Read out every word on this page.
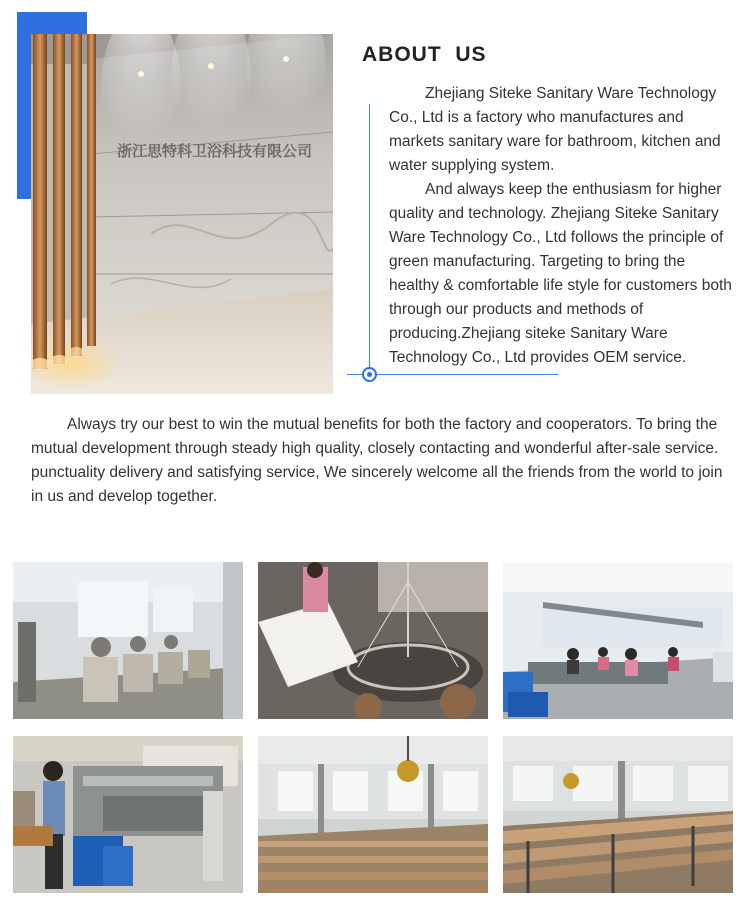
浙江思特科卫浴科技有限公司
ABOUT  US

Zhejiang Siteke Sanitary Ware Technology Co., Ltd is a factory who manufactures and markets sanitary ware for bathroom, kitchen and water supplying system.

And always keep the enthusiasm for higher quality and technology. Zhejiang Siteke Sanitary Ware Technology Co., Ltd follows the principle of green manufacturing. Targeting to bring the healthy & comfortable life style for customers both through our products and methods of producing.Zhejiang siteke Sanitary Ware Technology Co., Ltd provides OEM service.

Always try our best to win the mutual benefits for both the factory and cooperators. To bring the mutual development through steady high quality, closely contacting and wonderful after-sale service. punctuality delivery and satisfying service, We sincerely welcome all the friends from the world to join in us and develop together.
